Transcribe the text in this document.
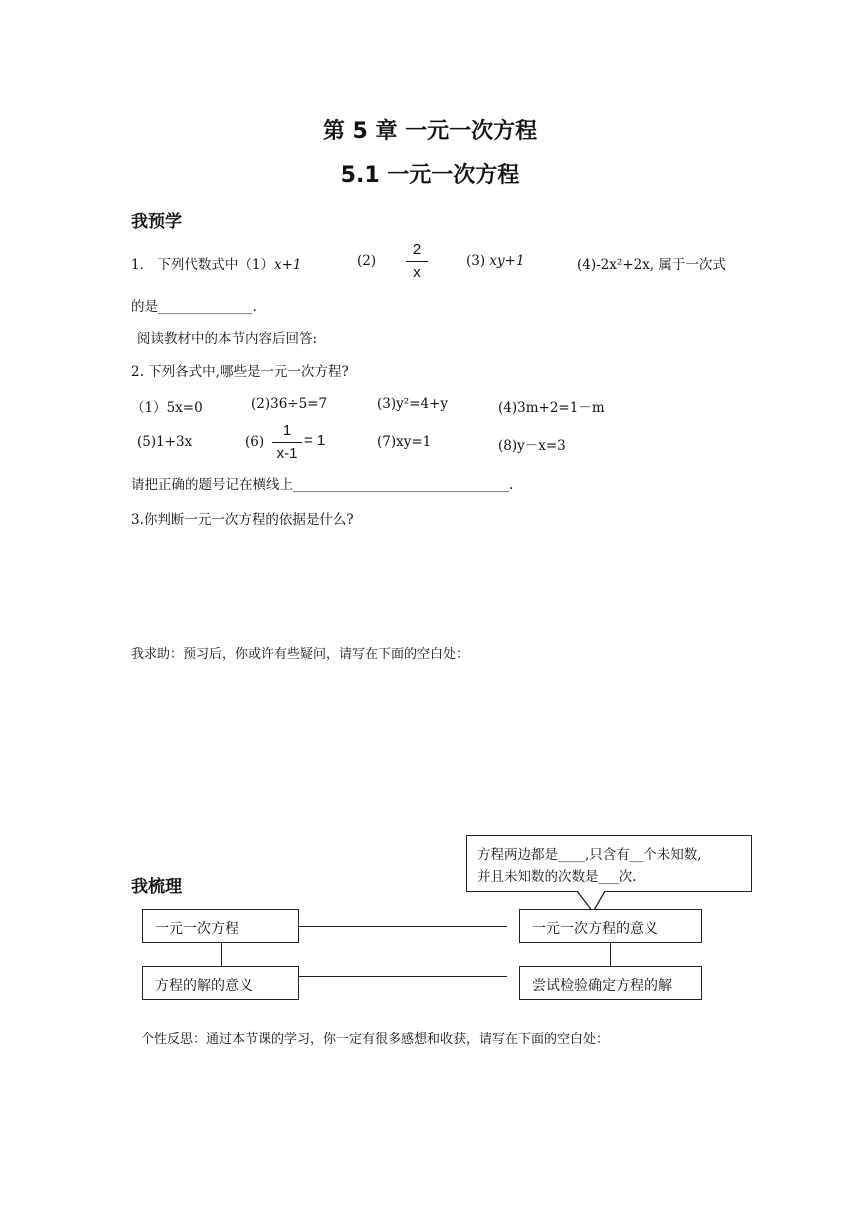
第 5 章 一元一次方程
5.1 一元一次方程
我预学
1． 下列代数式中（1）x+1	(2)
2
x
(3) xy+1	(4)-2x²+2x, 属于一次式
的是______________.
阅读教材中的本节内容后回答:
2. 下列各式中,哪些是一元一次方程?
（1）5x=0	(2)36÷5=7	(3)y²=4+y	(4)3m+2=1－m
(5)1+3x	(6)
1
x-1
= 1	(7)xy=1	(8)y－x=3
请把正确的题号记在横线上________________________________.
3.你判断一元一次方程的依据是什么?
我求助：预习后，你或许有些疑问，请写在下面的空白处：
我梳理
方程两边都是____,只含有__个未知数,
并且未知数的次数是___次.
一元一次方程	一元一次方程的意义
方程的解的意义	尝试检验确定方程的解
个性反思：通过本节课的学习，你一定有很多感想和收获，请写在下面的空白处：
